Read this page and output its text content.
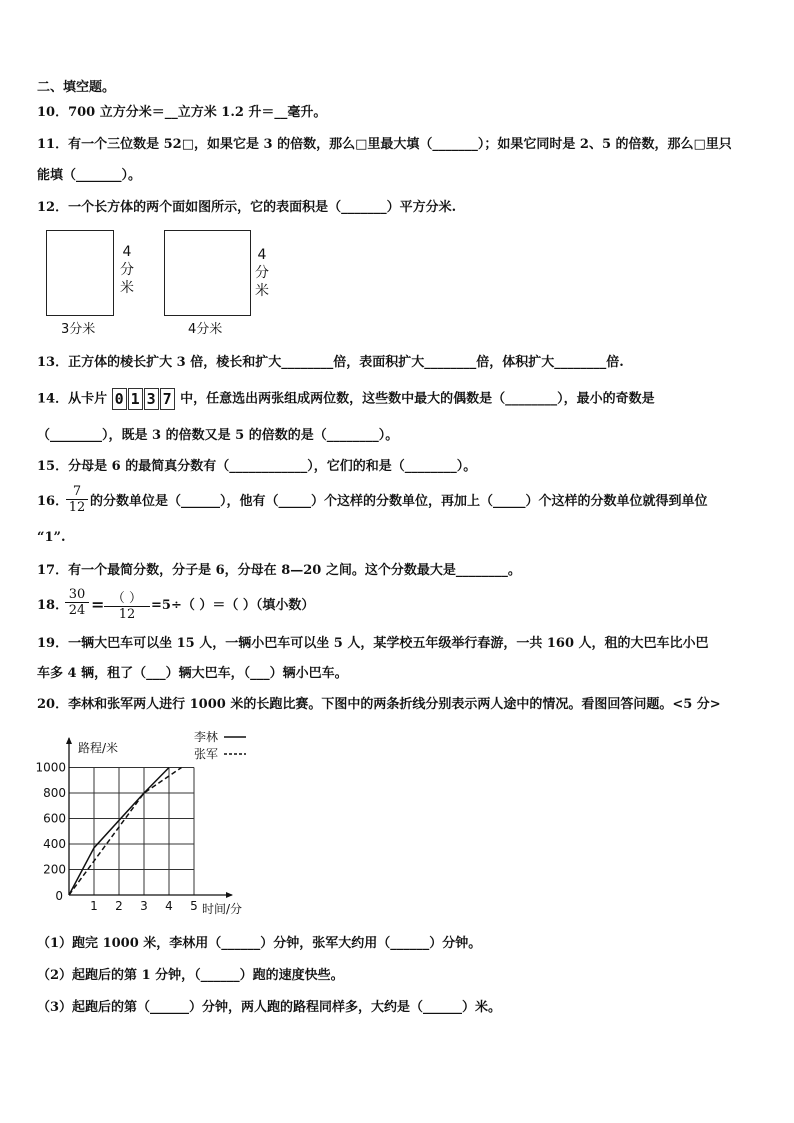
二、填空题。
10．700 立方分米＝__立方米 1.2 升＝__毫升。
11．有一个三位数是 52□，如果它是 3 的倍数，那么□里最大填（_______）；如果它同时是 2、5 的倍数，那么□里只
能填（_______）。
12．一个长方体的两个面如图所示，它的表面积是（_______）平方分米.
4
分
米
3分米
4
分
米
4分米
13．正方体的棱长扩大 3 倍，棱长和扩大________倍，表面积扩大________倍，体积扩大________倍.
14．从卡片 0 1 3 7 中，任意选出两张组成两位数，这些数中最大的偶数是（________），最小的奇数是
（________），既是 3 的倍数又是 5 的倍数的是（________）。
15．分母是 6 的最简真分数有（____________），它们的和是（________）。
16．
$\frac{7}{12}$ 的分数单位是（______），他有（_____）个这样的分数单位，再加上（_____）个这样的分数单位就得到单位
“1”.
17．有一个最简分数，分子是 6，分母在 8—20 之间。这个分数最大是________。
18．
$\frac{30}{24}$ = （ ）
12
=5÷（ ）＝（ ）（填小数）
19．一辆大巴车可以坐 15 人，一辆小巴车可以坐 5 人，某学校五年级举行春游，一共 160 人，租的大巴车比小巴
车多 4 辆，租了（___）辆大巴车，（___）辆小巴车。
20．李林和张军两人进行 1000 米的长跑比赛。下图中的两条折线分别表示两人途中的情况。看图回答问题。<5 分>
200
400
600
800
1000
0
1 2 3 4 5
路程/米
时间/分
李林
张军
（1）跑完 1000 米，李林用（______）分钟，张军大约用（______）分钟。
（2）起跑后的第 1 分钟，（______）跑的速度快些。
（3）起跑后的第（______）分钟，两人跑的路程同样多，大约是（______）米。
